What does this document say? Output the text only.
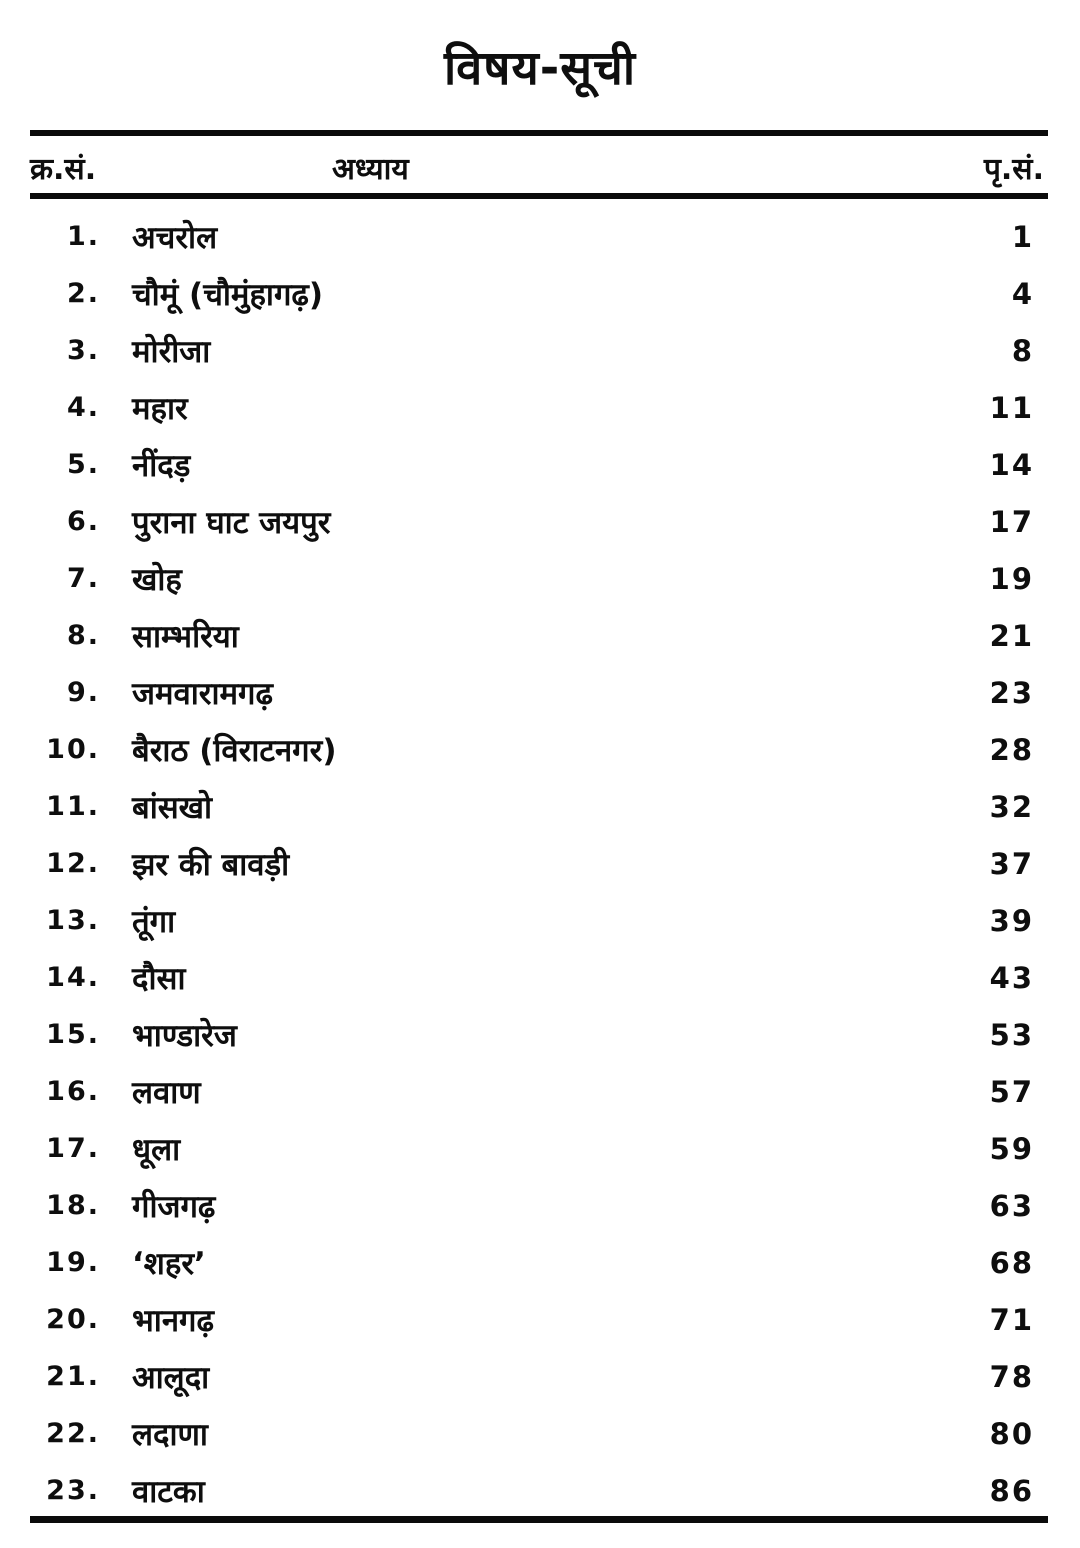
विषय-सूची
क्र.सं.	अध्याय	पृ.सं.
1. अचरोल	1
2. चौमूं (चौमुंहागढ़)	4
3. मोरीजा	8
4. महार	11
5. नींदड़	14
6. पुराना घाट जयपुर	17
7. खोह	19
8. साम्भरिया	21
9. जमवारामगढ़	23
10. बैराठ (विराटनगर)	28
11. बांसखो	32
12. झर की बावड़ी	37
13. तूंगा	39
14. दौसा	43
15. भाण्डारेज	53
16. लवाण	57
17. धूला	59
18. गीजगढ़	63
19. ‘शहर’	68
20. भानगढ़	71
21. आलूदा	78
22. लदाणा	80
23. वाटका	86
